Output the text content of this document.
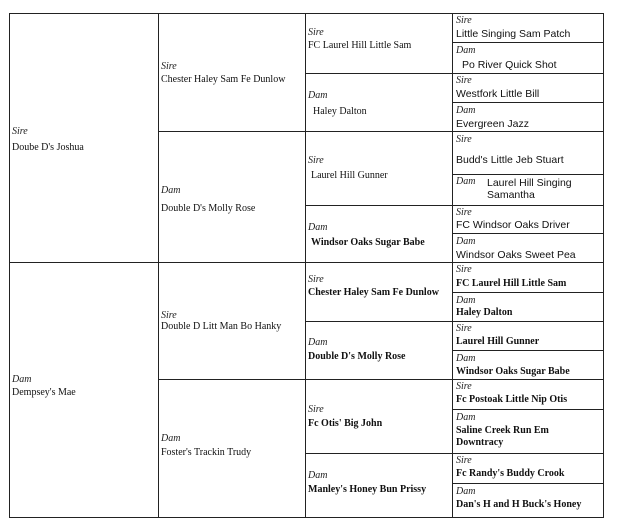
Sire
Doube D's Joshua
Dam
Dempsey's Mae
Sire
Chester Haley Sam Fe Dunlow
Dam
Double D's Molly Rose
Sire
Double D Litt Man Bo Hanky
Dam
Foster's Trackin Trudy
Sire
FC Laurel Hill Little Sam
Dam
Haley Dalton
Sire
Laurel Hill Gunner
Dam
Windsor Oaks Sugar Babe
Sire
Chester Haley Sam Fe Dunlow
Dam
Double D's Molly Rose
Sire
Fc Otis' Big John
Dam
Manley's Honey Bun Prissy
Sire
Little Singing Sam Patch
Dam
Po River Quick Shot
Sire
Westfork Little Bill
Dam
Evergreen Jazz
Sire
Budd's Little Jeb Stuart
Dam Laurel Hill Singing Samantha
Sire
FC Windsor Oaks Driver
Dam
Windsor Oaks Sweet Pea
Sire
FC Laurel Hill Little Sam
Dam
Haley Dalton
Sire
Laurel Hill Gunner
Dam
Windsor Oaks Sugar Babe
Sire
Fc Postoak Little Nip Otis
Dam
Saline Creek Run Em Downtracy
Sire
Fc Randy's Buddy Crook
Dam
Dan's H and H Buck's Honey
